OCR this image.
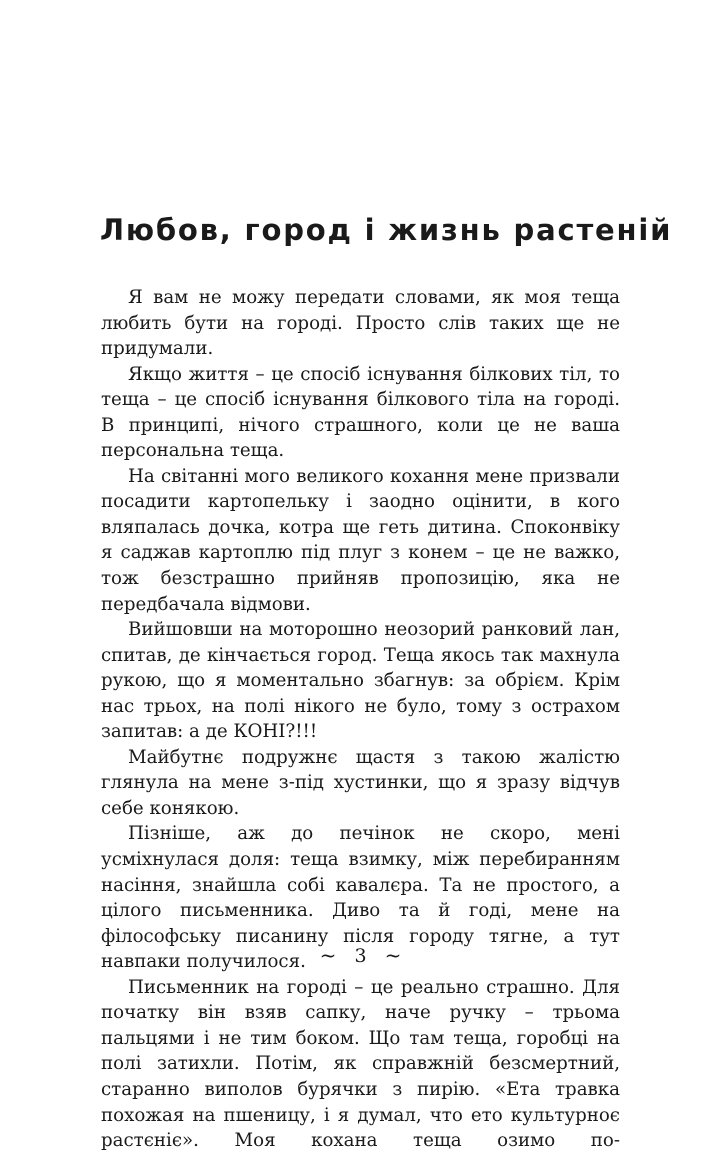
Любов, город і жизнь растеній

Я вам не можу передати словами, як моя теща любить бути на городі. Просто слів таких ще не придумали.

Якщо життя – це спосіб існування білкових тіл, то теща – це спосіб існування білкового тіла на городі. В принципі, нічого страшного, коли це не ваша персональна теща.

На світанні мого великого кохання мене призвали посадити картопельку і заодно оцінити, в кого вляпалась дочка, котра ще геть дитина. Споконвіку я саджав картоплю під плуг з конем – це не важко, тож безстрашно прийняв пропозицію, яка не передбачала відмови.

Вийшовши на моторошно неозорий ранковий лан, спитав, де кінчається город. Теща якось так махнула рукою, що я моментально збагнув: за обрієм. Крім нас трьох, на полі нікого не було, тому з острахом запитав: а де КОНІ?!!!

Майбутнє подружнє щастя з такою жалістю глянула на мене з-під хустинки, що я зразу відчув себе конякою.

Пізніше, аж до печінок не скоро, мені усміхнулася доля: теща взимку, між перебиранням насіння, знайшла собі кавалєра. Та не простого, а цілого письменника. Диво та й годі, мене на філософську писанину після городу тягне, а тут навпаки получилося.

Письменник на городі – це реально страшно. Для початку він взяв сапку, наче ручку – трьома пальцями і не тим боком. Що там теща, горобці на полі затихли. Потім, як справжній безсмертний, старанно виполов бурячки з пирію. «Ета травка похожая на пшеницу, і я думал, что ето культурноє растєніє». Моя кохана теща озимо по-

~ 3 ~
